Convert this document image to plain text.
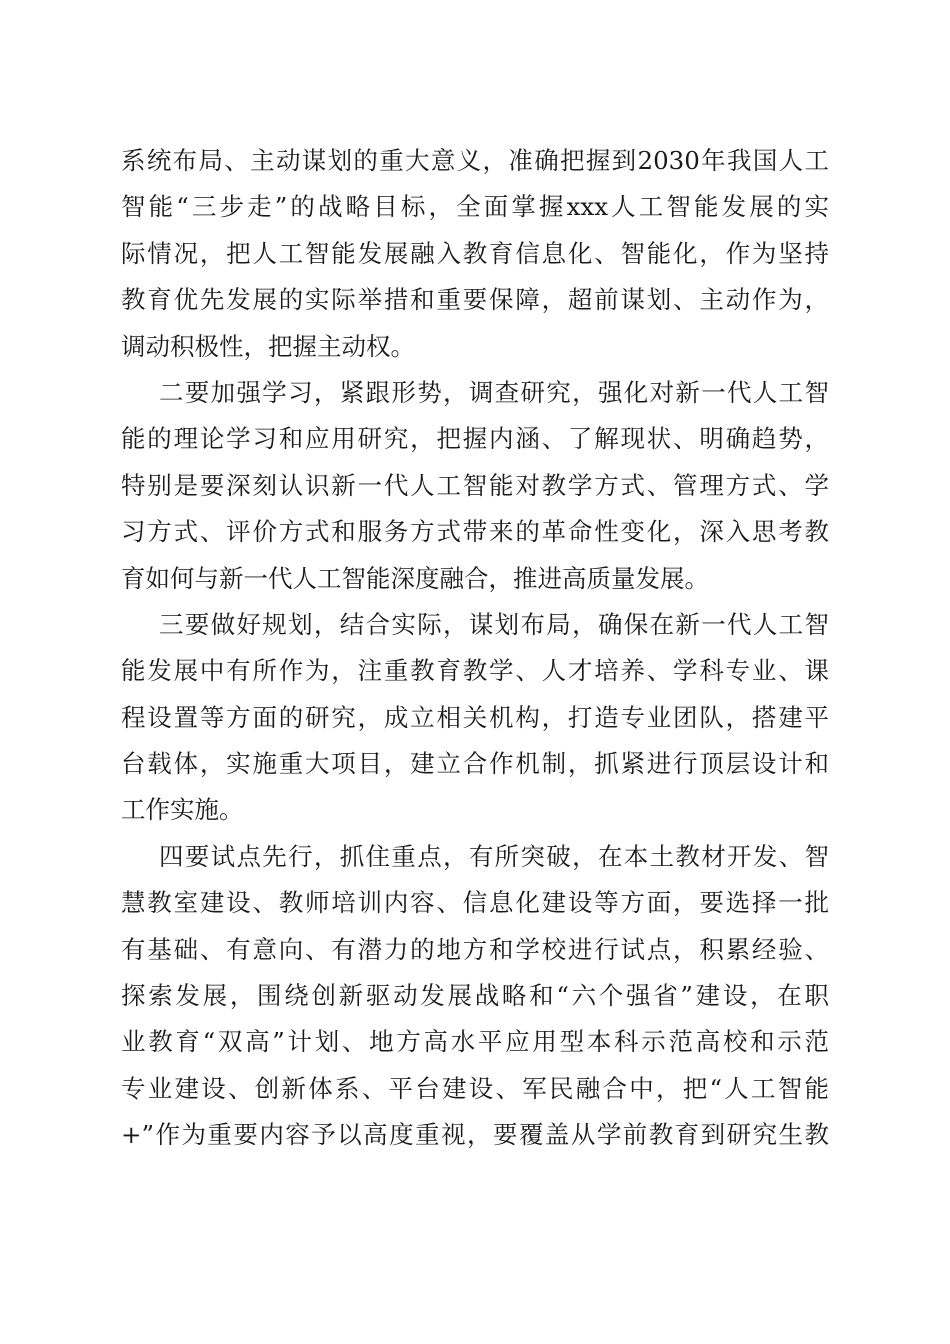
系统布局、主动谋划的重大意义，准确把握到2030年我国人工
智能“三步走”的战略目标，全面掌握xxx人工智能发展的实
际情况，把人工智能发展融入教育信息化、智能化，作为坚持
教育优先发展的实际举措和重要保障，超前谋划、主动作为，
调动积极性，把握主动权。
二要加强学习，紧跟形势，调查研究，强化对新一代人工智
能的理论学习和应用研究，把握内涵、了解现状、明确趋势，
特别是要深刻认识新一代人工智能对教学方式、管理方式、学
习方式、评价方式和服务方式带来的革命性变化，深入思考教
育如何与新一代人工智能深度融合，推进高质量发展。
三要做好规划，结合实际，谋划布局，确保在新一代人工智
能发展中有所作为，注重教育教学、人才培养、学科专业、课
程设置等方面的研究，成立相关机构，打造专业团队，搭建平
台载体，实施重大项目，建立合作机制，抓紧进行顶层设计和
工作实施。
四要试点先行，抓住重点，有所突破，在本土教材开发、智
慧教室建设、教师培训内容、信息化建设等方面，要选择一批
有基础、有意向、有潜力的地方和学校进行试点，积累经验、
探索发展，围绕创新驱动发展战略和“六个强省”建设，在职
业教育“双高”计划、地方高水平应用型本科示范高校和示范
专业建设、创新体系、平台建设、军民融合中，把“人工智能
+”作为重要内容予以高度重视，要覆盖从学前教育到研究生教
